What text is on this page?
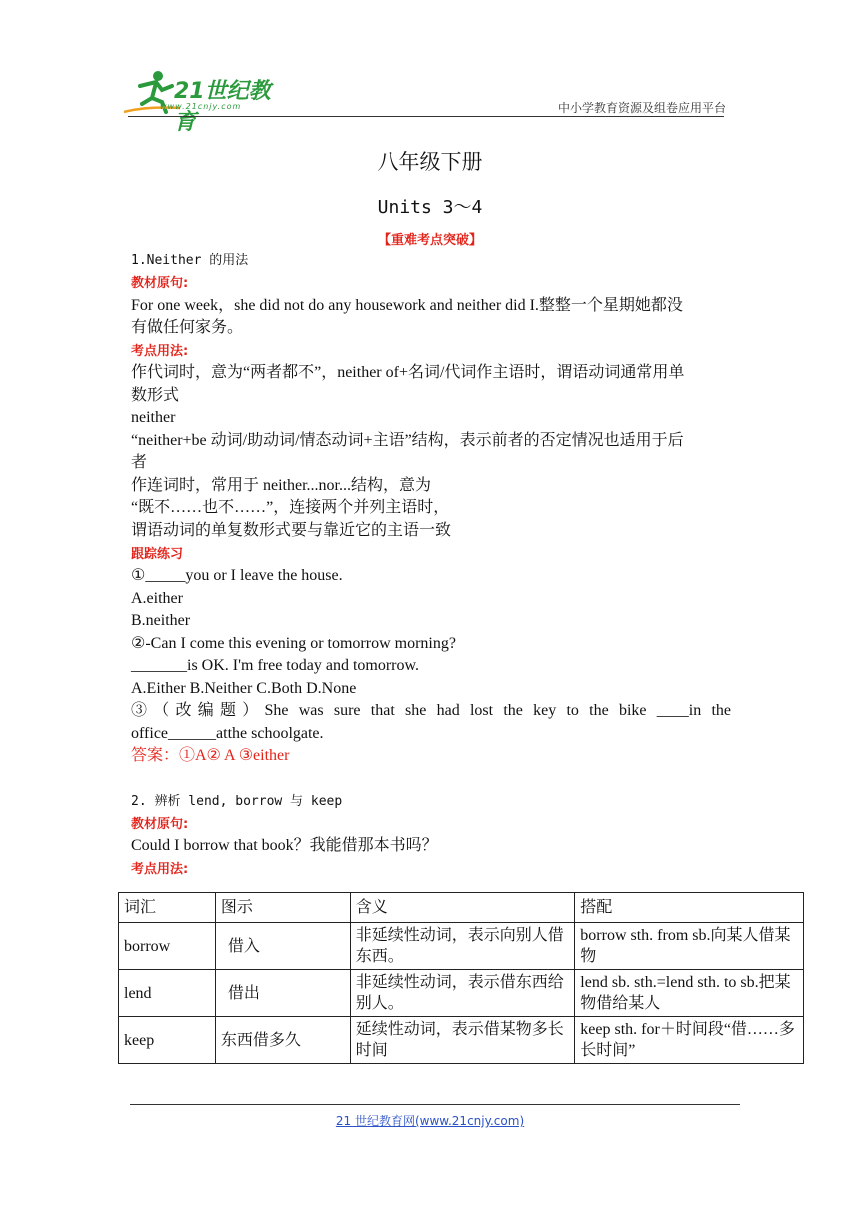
21世纪教育
www.21cnjy.com	中小学教育资源及组卷应用平台
八年级下册
Units 3～4
【重难考点突破】
1.Neither 的用法
教材原句:
For one week，she did not do any housework and neither did I.整整一个星期她都没
有做任何家务。
考点用法:
作代词时，意为“两者都不”，neither of+名词/代词作主语时，谓语动词通常用单
数形式
neither
“neither+be 动词/助动词/情态动词+主语”结构，表示前者的否定情况也适用于后
者
作连词时，常用于 neither...nor...结构，意为
“既不……也不……”，连接两个并列主语时，
谓语动词的单复数形式要与靠近它的主语一致
跟踪练习
①_____you or I leave the house.
A.either
B.neither
②-Can I come this evening or tomorrow morning?
_______is OK. I'm free today and tomorrow.
A.Either B.Neither C.Both D.None
③（改编题）She was sure that she had lost the key to the bike ____in the
office______atthe schoolgate.
答案：①A② A ③either
2. 辨析 lend, borrow 与 keep
教材原句:
Could I borrow that book？我能借那本书吗？
考点用法:
词汇	图示	含义	搭配
borrow	借入	非延续性动词，表示向别人借东西。	borrow sth. from sb.向某人借某物
lend	借出	非延续性动词，表示借东西给别人。	lend sb. sth.=lend sth. to sb.把某物借给某人
keep	东西借多久	延续性动词，表示借某物多长时间	keep sth. for＋时间段“借……多长时间”
21 世纪教育网(www.21cnjy.com)
